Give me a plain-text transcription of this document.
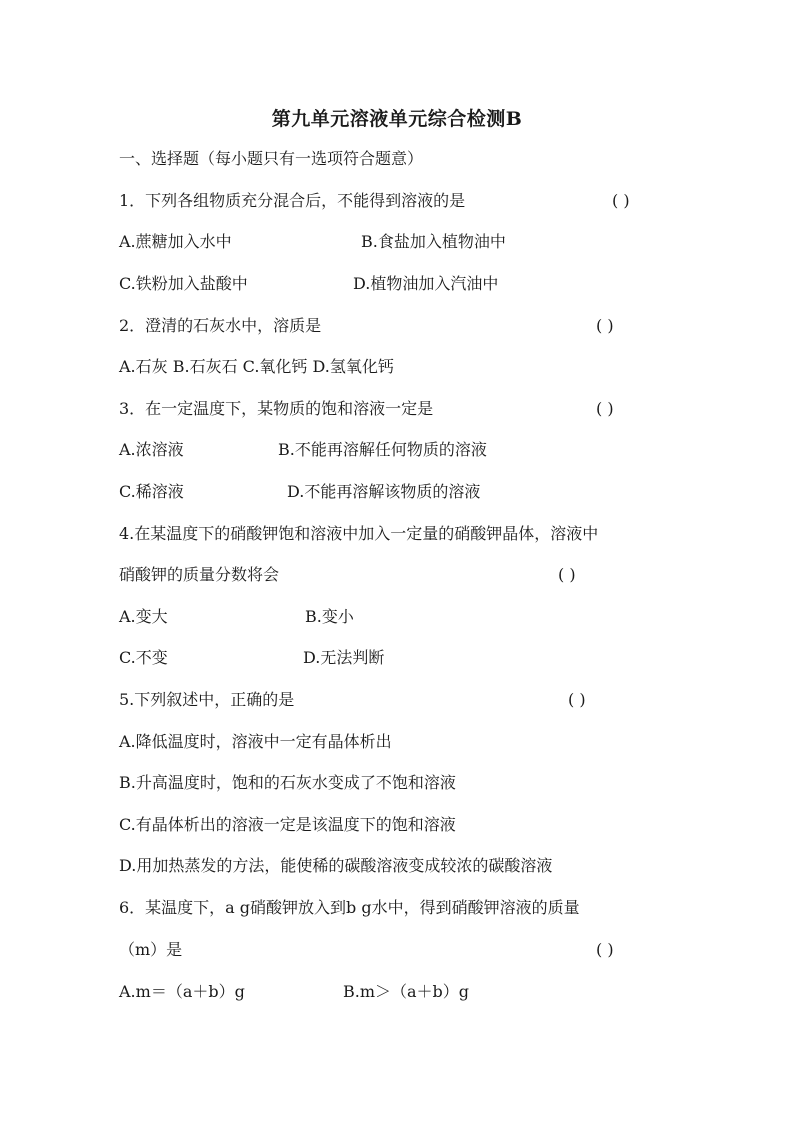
第九单元溶液单元综合检测B
一、选择题（每小题只有一选项符合题意）
1．下列各组物质充分混合后，不能得到溶液的是	( )
A.蔗糖加入水中	B.食盐加入植物油中
C.铁粉加入盐酸中	D.植物油加入汽油中
2．澄清的石灰水中，溶质是	( )
A.石灰 B.石灰石 C.氧化钙 D.氢氧化钙
3．在一定温度下，某物质的饱和溶液一定是	( )
A.浓溶液	B.不能再溶解任何物质的溶液
C.稀溶液	D.不能再溶解该物质的溶液
4.在某温度下的硝酸钾饱和溶液中加入一定量的硝酸钾晶体，溶液中
硝酸钾的质量分数将会	( )
A.变大	B.变小
C.不变	D.无法判断
5.下列叙述中，正确的是	( )
A.降低温度时，溶液中一定有晶体析出
B.升高温度时，饱和的石灰水变成了不饱和溶液
C.有晶体析出的溶液一定是该温度下的饱和溶液
D.用加热蒸发的方法，能使稀的碳酸溶液变成较浓的碳酸溶液
6．某温度下，a g硝酸钾放入到b g水中，得到硝酸钾溶液的质量
（m）是	( )
A.m＝（a＋b）g	B.m＞（a＋b）g
